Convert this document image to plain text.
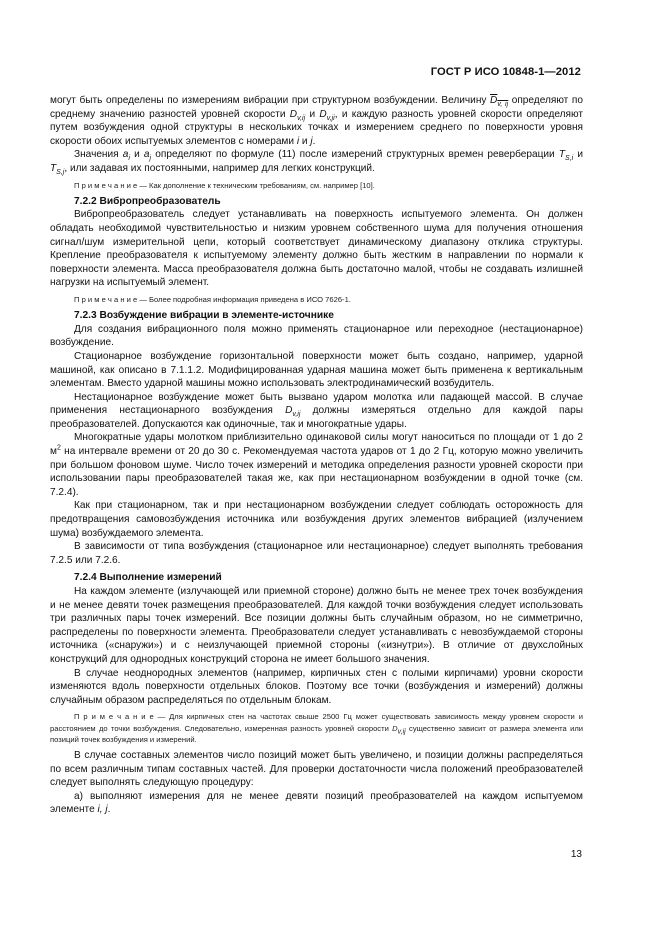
ГОСТ Р ИСО 10848-1—2012

могут быть определены по измерениям вибрации при структурном возбуждении. Величину $D_{v, ij}$ определяют по среднему значению разностей уровней скорости $D_{v,ij}$ и $D_{v,ji}$, и каждую разность уровней скорости определяют путем возбуждения одной структуры в нескольких точках и измерением среднего по поверхности уровня скорости обоих испытуемых элементов с номерами i и j.

Значения $a_i$ и $a_j$ определяют по формуле (11) после измерений структурных времен реверберации $T_{S,i}$ и $T_{S,j}$, или задавая их постоянными, например для легких конструкций.

П р и м е ч а н и е — Как дополнение к техническим требованиям, см. например [10].

7.2.2 Вибропреобразователь

Вибропреобразователь следует устанавливать на поверхность испытуемого элемента. Он должен обладать необходимой чувствительностью и низким уровнем собственного шума для получения отношения сигнал/шум измерительной цепи, который соответствует динамическому диапазону отклика структуры. Крепление преобразователя к испытуемому элементу должно быть жестким в направлении по нормали к поверхности элемента. Масса преобразователя должна быть достаточно малой, чтобы не создавать излишней нагрузки на испытуемый элемент.

П р и м е ч а н и е — Более подробная информация приведена в ИСО 7626-1.

7.2.3 Возбуждение вибрации в элементе-источнике

Для создания вибрационного поля можно применять стационарное или переходное (нестационарное) возбуждение.

Стационарное возбуждение горизонтальной поверхности может быть создано, например, ударной машиной, как описано в 7.1.1.2. Модифицированная ударная машина может быть применена к вертикальным элементам. Вместо ударной машины можно использовать электродинамический возбудитель.

Нестационарное возбуждение может быть вызвано ударом молотка или падающей массой. В случае применения нестационарного возбуждения $D_{v,ij}$ должны измеряться отдельно для каждой пары преобразователей. Допускаются как одиночные, так и многократные удары.

Многократные удары молотком приблизительно одинаковой силы могут наноситься по площади от 1 до 2 $м^2$ на интервале времени от 20 до 30 с. Рекомендуемая частота ударов от 1 до 2 Гц, которую можно увеличить при большом фоновом шуме. Число точек измерений и методика определения разности уровней скорости при использовании пары преобразователей такая же, как при нестационарном возбуждении в одной точке (см. 7.2.4).

Как при стационарном, так и при нестационарном возбуждении следует соблюдать осторожность для предотвращения самовозбуждения источника или возбуждения других элементов вибрацией (излучением шума) возбуждаемого элемента.

В зависимости от типа возбуждения (стационарное или нестационарное) следует выполнять требования 7.2.5 или 7.2.6.

7.2.4 Выполнение измерений

На каждом элементе (излучающей или приемной стороне) должно быть не менее трех точек возбуждения и не менее девяти точек размещения преобразователей. Для каждой точки возбуждения следует использовать три различных пары точек измерений. Все позиции должны быть случайным образом, но не симметрично, распределены по поверхности элемента. Преобразователи следует устанавливать с невозбуждаемой стороны источника («снаружи») и с неизлучающей приемной стороны («изнутри»). В отличие от двухслойных конструкций для однородных конструкций сторона не имеет большого значения.

В случае неоднородных элементов (например, кирпичных стен с полыми кирпичами) уровни скорости изменяются вдоль поверхности отдельных блоков. Поэтому все точки (возбуждения и измерений) должны случайным образом распределяться по отдельным блокам.

П р и м е ч а н и е — Для кирпичных стен на частотах свыше 2500 Гц может существовать зависимость между уровнем скорости и расстоянием до точки возбуждения. Следовательно, измеренная разность уровней скорости $D_{v,ij}$ существенно зависит от размера элемента или позиций точек возбуждения и измерений.

В случае составных элементов число позиций может быть увеличено, и позиции должны распределяться по всем различным типам составных частей. Для проверки достаточности числа положений преобразователей следует выполнять следующую процедуру:

а) выполняют измерения для не менее девяти позиций преобразователей на каждом испытуемом элементе i, j.

13
